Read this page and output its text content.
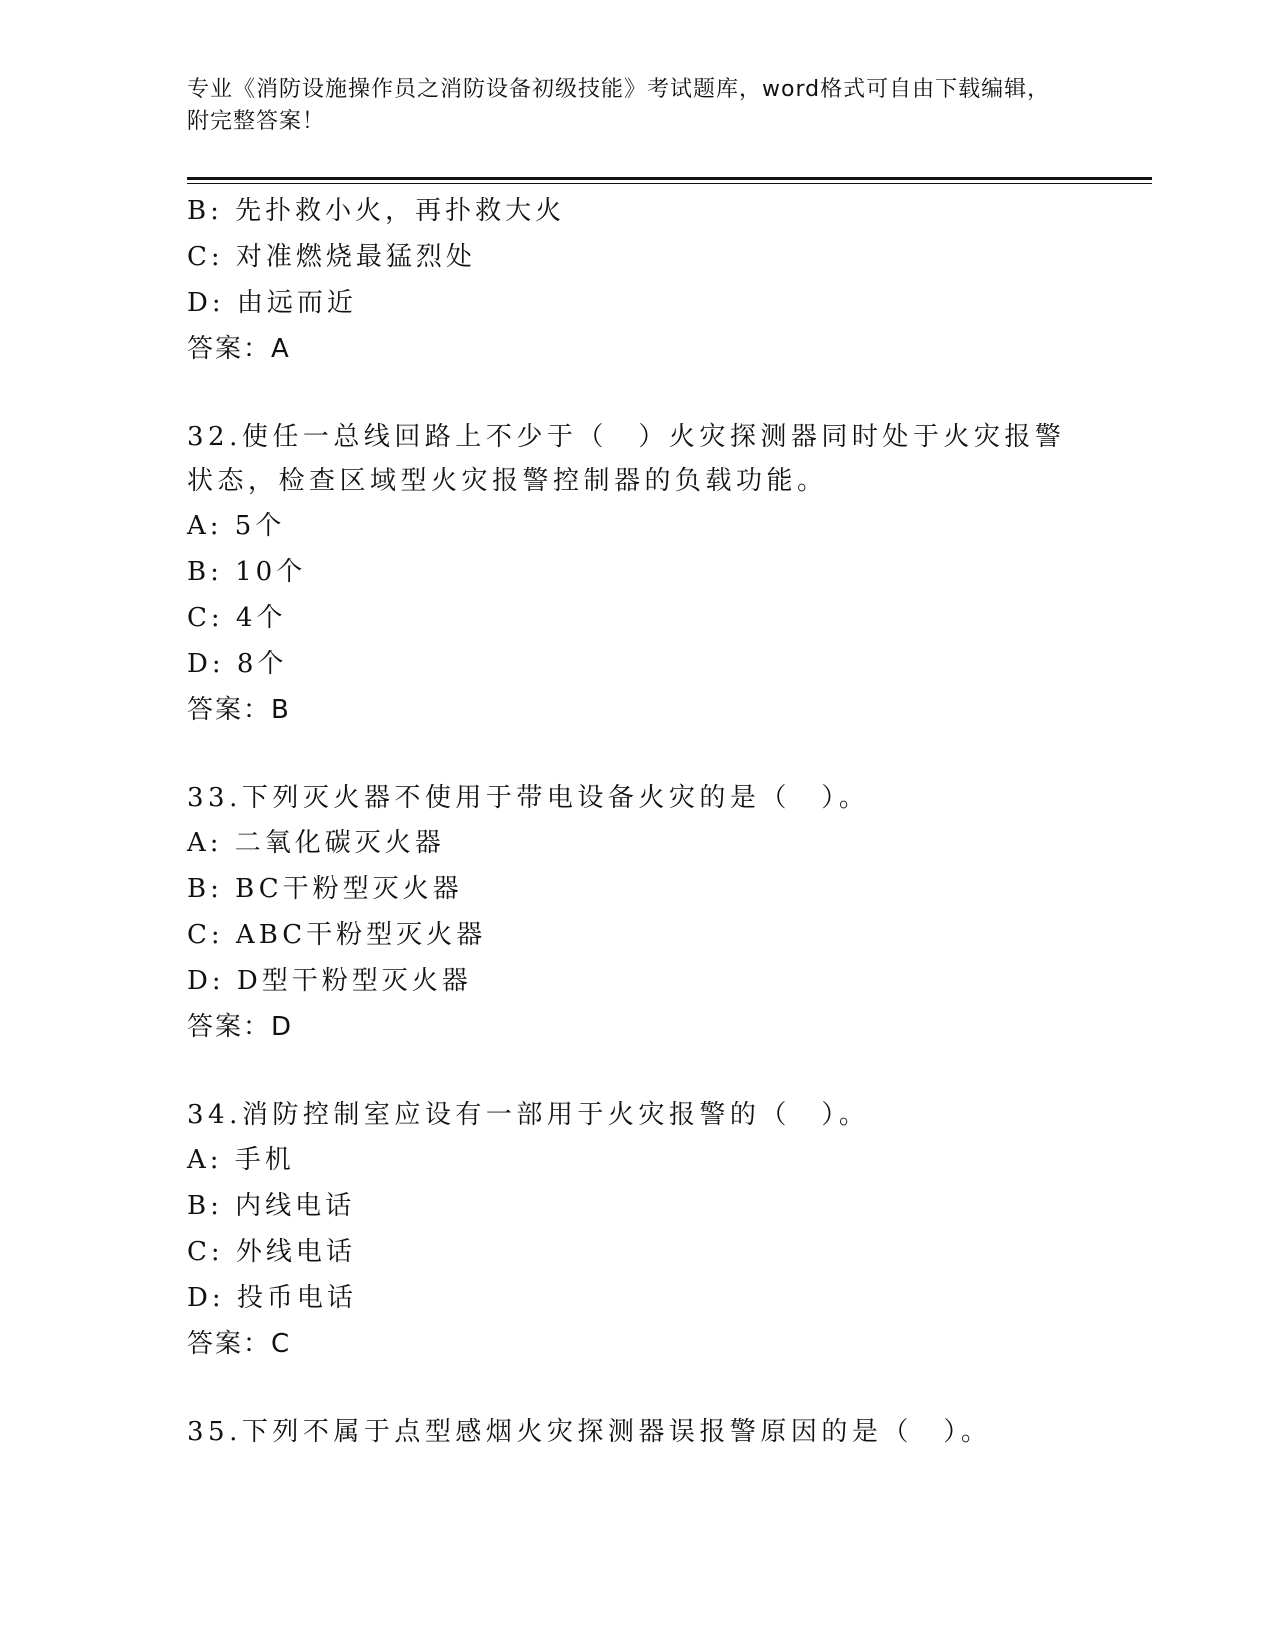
专业《消防设施操作员之消防设备初级技能》考试题库，word格式可自由下载编辑，附完整答案！
B: 先扑救小火，再扑救大火
C: 对准燃烧最猛烈处
D: 由远而近
答案：A
32.使任一总线回路上不少于（　）火灾探测器同时处于火灾报警状态，检查区域型火灾报警控制器的负载功能。
A: 5个
B: 10个
C: 4个
D: 8个
答案：B
33.下列灭火器不使用于带电设备火灾的是（　）。
A: 二氧化碳灭火器
B: BC干粉型灭火器
C: ABC干粉型灭火器
D: D型干粉型灭火器
答案：D
34.消防控制室应设有一部用于火灾报警的（　）。
A: 手机
B: 内线电话
C: 外线电话
D: 投币电话
答案：C
35.下列不属于点型感烟火灾探测器误报警原因的是（　）。
